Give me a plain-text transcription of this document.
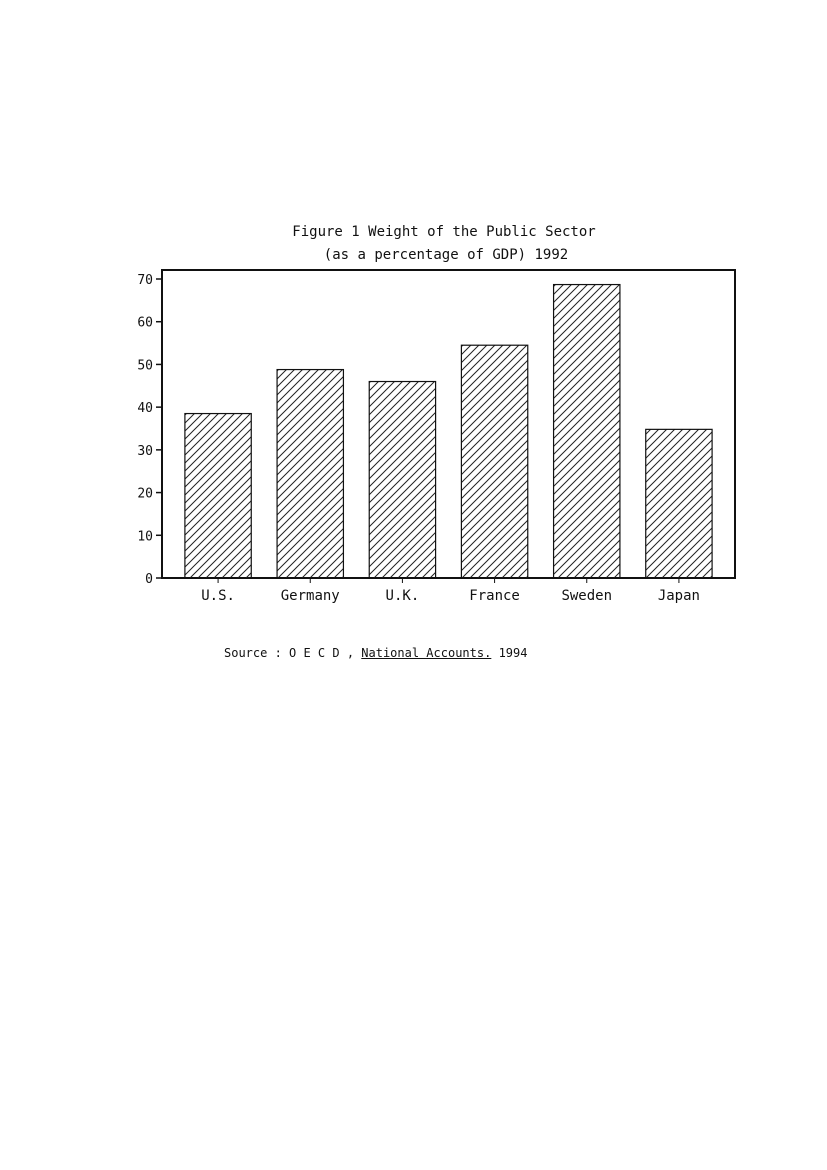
Figure 1 Weight of the Public Sector
(as a percentage of GDP) 1992
0
10
20
30
40
50
60
70
U.S.	Germany	U.K.	France	Sweden	Japan
Source : O E C D , National Accounts. 1994
